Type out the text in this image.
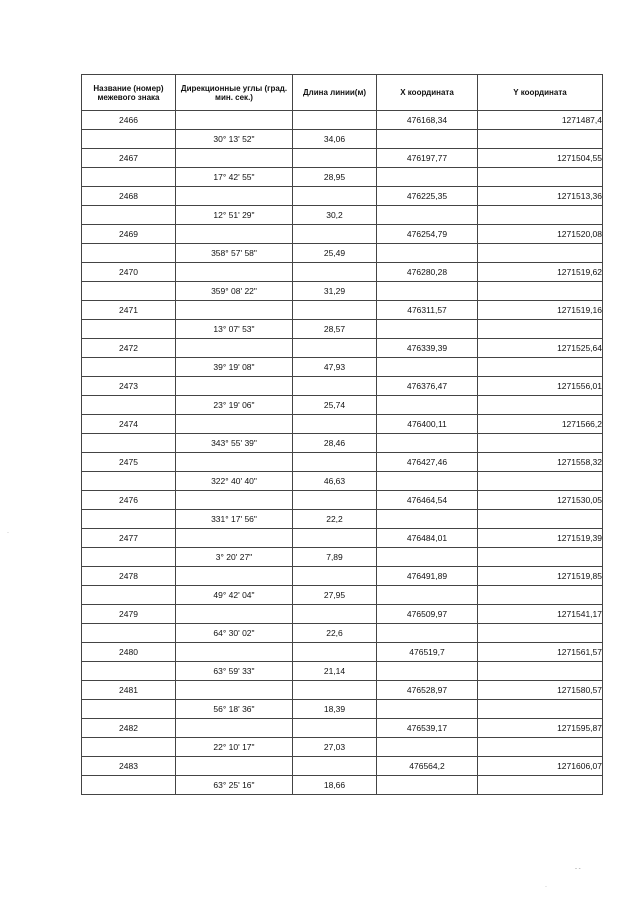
Название (номер) межевого знака	Дирекционные углы (град. мин. сек.)	Длина линии(м)	X координата	Y координата
2466			476168,34	1271487,4
	30° 13' 52"	34,06		
2467			476197,77	1271504,55
	17° 42' 55"	28,95		
2468			476225,35	1271513,36
	12° 51' 29"	30,2		
2469			476254,79	1271520,08
	358° 57' 58"	25,49		
2470			476280,28	1271519,62
	359° 08' 22"	31,29		
2471			476311,57	1271519,16
	13° 07' 53"	28,57		
2472			476339,39	1271525,64
	39° 19' 08"	47,93		
2473			476376,47	1271556,01
	23° 19' 06"	25,74		
2474			476400,11	1271566,2
	343° 55' 39"	28,46		
2475			476427,46	1271558,32
	322° 40' 40"	46,63		
2476			476464,54	1271530,05
	331° 17' 56"	22,2		
2477			476484,01	1271519,39
	3° 20' 27"	7,89		
2478			476491,89	1271519,85
	49° 42' 04"	27,95		
2479			476509,97	1271541,17
	64° 30' 02"	22,6		
2480			476519,7	1271561,57
	63° 59' 33"	21,14		
2481			476528,97	1271580,57
	56° 18' 36"	18,39		
2482			476539,17	1271595,87
	22° 10' 17"	27,03		
2483			476564,2	1271606,07
	63° 25' 16"	18,66		
·
·
- -
